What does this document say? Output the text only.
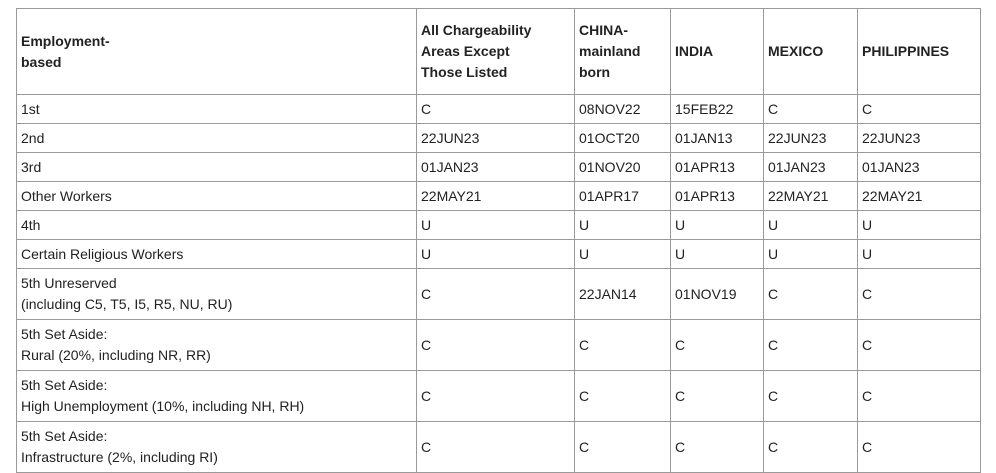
Employment-
based	All Chargeability
Areas Except
Those Listed	CHINA-
mainland
born	INDIA	MEXICO	PHILIPPINES
1st	C	08NOV22	15FEB22	C	C
2nd	22JUN23	01OCT20	01JAN13	22JUN23	22JUN23
3rd	01JAN23	01NOV20	01APR13	01JAN23	01JAN23
Other Workers	22MAY21	01APR17	01APR13	22MAY21	22MAY21
4th	U	U	U	U	U
Certain Religious Workers	U	U	U	U	U
5th Unreserved
(including C5, T5, I5, R5, NU, RU)	C	22JAN14	01NOV19	C	C
5th Set Aside:
Rural (20%, including NR, RR)	C	C	C	C	C
5th Set Aside:
High Unemployment (10%, including NH, RH)	C	C	C	C	C
5th Set Aside:
Infrastructure (2%, including RI)	C	C	C	C	C
